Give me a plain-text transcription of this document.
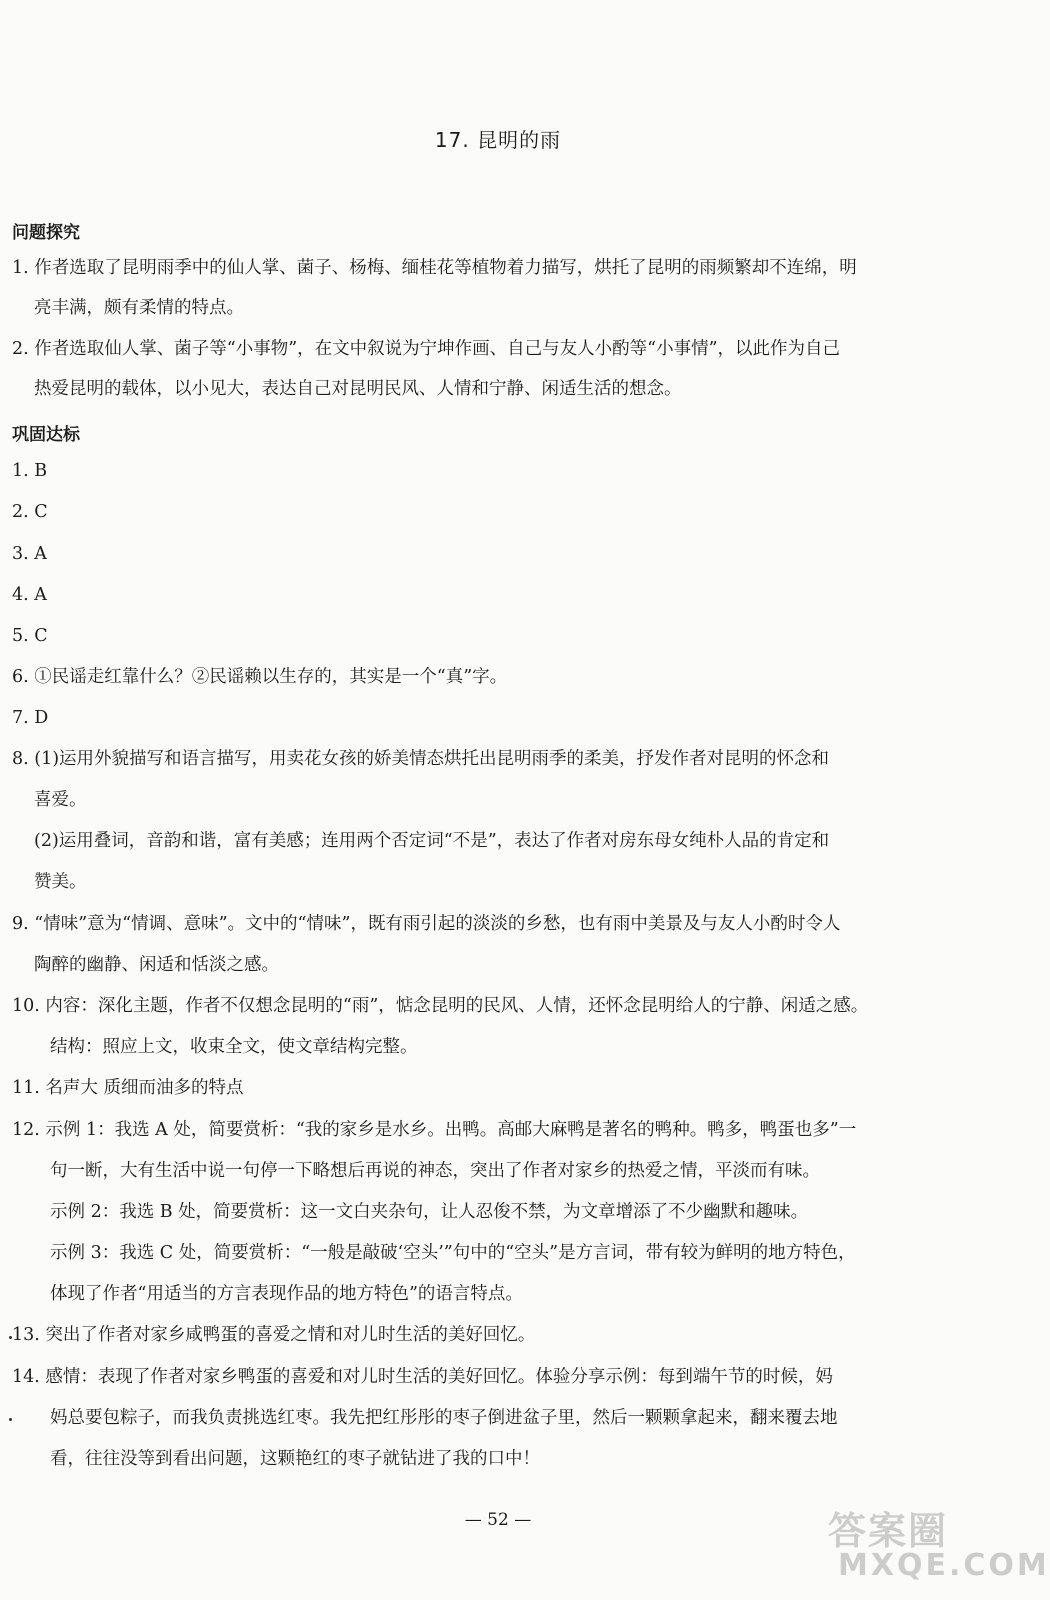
17. 昆明的雨
问题探究
1. 作者选取了昆明雨季中的仙人掌、菌子、杨梅、缅桂花等植物着力描写，烘托了昆明的雨频繁却不连绵，明
亮丰满，颇有柔情的特点。
2. 作者选取仙人掌、菌子等“小事物”，在文中叙说为宁坤作画、自己与友人小酌等“小事情”，以此作为自己
热爱昆明的载体，以小见大，表达自己对昆明民风、人情和宁静、闲适生活的想念。
巩固达标
1. B
2. C
3. A
4. A
5. C
6. ①民谣走红靠什么？②民谣赖以生存的，其实是一个“真”字。
7. D
8. (1)运用外貌描写和语言描写，用卖花女孩的娇美情态烘托出昆明雨季的柔美，抒发作者对昆明的怀念和
喜爱。
(2)运用叠词，音韵和谐，富有美感；连用两个否定词“不是”，表达了作者对房东母女纯朴人品的肯定和
赞美。
9. “情味”意为“情调、意味”。文中的“情味”，既有雨引起的淡淡的乡愁，也有雨中美景及与友人小酌时令人
陶醉的幽静、闲适和恬淡之感。
10. 内容：深化主题，作者不仅想念昆明的“雨”，惦念昆明的民风、人情，还怀念昆明给人的宁静、闲适之感。
结构：照应上文，收束全文，使文章结构完整。
11. 名声大 质细而油多的特点
12. 示例 1：我选 A 处，简要赏析：“我的家乡是水乡。出鸭。高邮大麻鸭是著名的鸭种。鸭多，鸭蛋也多”一
句一断，大有生活中说一句停一下略想后再说的神态，突出了作者对家乡的热爱之情，平淡而有味。
示例 2：我选 B 处，简要赏析：这一文白夹杂句，让人忍俊不禁，为文章增添了不少幽默和趣味。
示例 3：我选 C 处，简要赏析：“一般是敲破‘空头’”句中的“空头”是方言词，带有较为鲜明的地方特色，
体现了作者“用适当的方言表现作品的地方特色”的语言特点。
13. 突出了作者对家乡咸鸭蛋的喜爱之情和对儿时生活的美好回忆。
14. 感情：表现了作者对家乡鸭蛋的喜爱和对儿时生活的美好回忆。体验分享示例：每到端午节的时候，妈
妈总要包粽子，而我负责挑选红枣。我先把红彤彤的枣子倒进盆子里，然后一颗颗拿起来，翻来覆去地
看，往往没等到看出问题，这颗艳红的枣子就钻进了我的口中！
— 52 —	答案圈
MXQE.COM
